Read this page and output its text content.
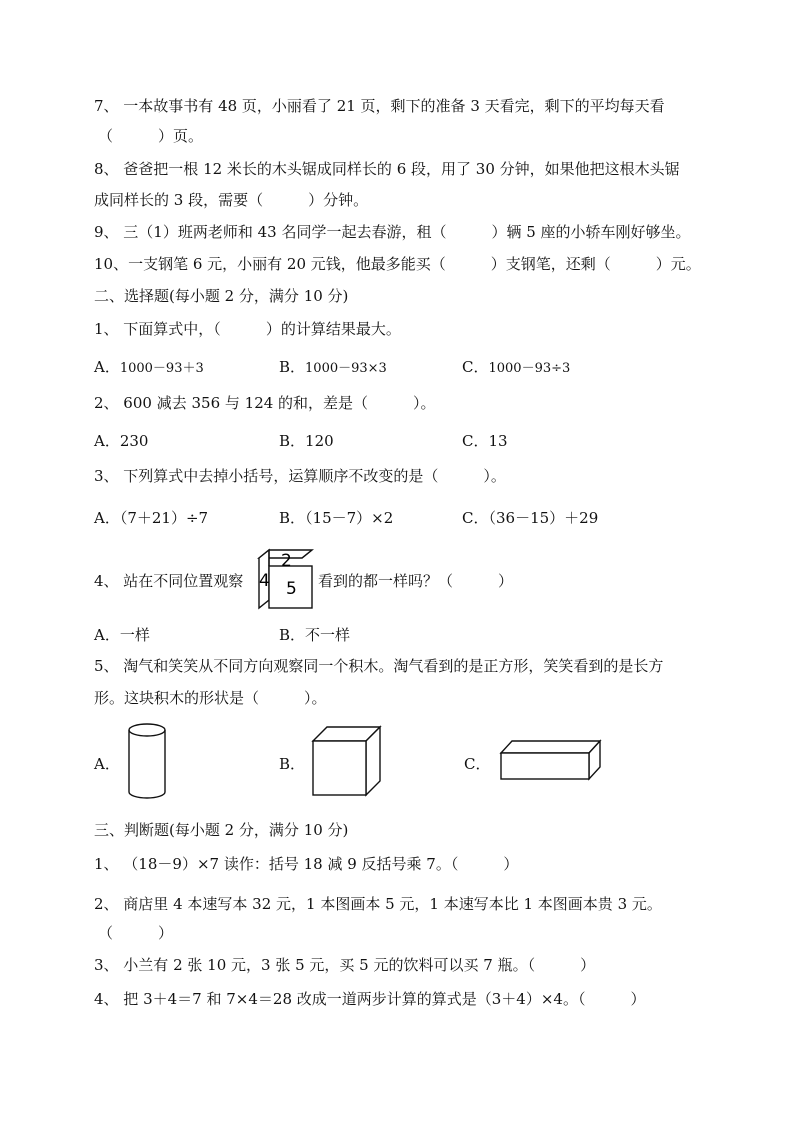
7、 一本故事书有 48 页，小丽看了 21 页，剩下的准备 3 天看完，剩下的平均每天看
（　　　）页。
8、 爸爸把一根 12 米长的木头锯成同样长的 6 段，用了 30 分钟，如果他把这根木头锯
成同样长的 3 段，需要（　　　）分钟。
9、 三（1）班两老师和 43 名同学一起去春游，租（　　　）辆 5 座的小轿车刚好够坐。
10、一支钢笔 6 元，小丽有 20 元钱，他最多能买（　　　）支钢笔，还剩（　　　）元。
二、选择题(每小题 2 分，满分 10 分)
1、 下面算式中，（　　　）的计算结果最大。
A．1000－93＋3	B．1000－93×3	C．1000－93÷3
2、 600 减去 356 与 124 的和，差是（　　　）。
A．230	B．120	C．13
3、 下列算式中去掉小括号，运算顺序不改变的是（　　　）。
A．（7＋21）÷7	B．（15－7）×2	C．（36－15）＋29
4、 站在不同位置观察
2
4 5 看到的都一样吗？（　　　）
A．一样	B．不一样
5、 淘气和笑笑从不同方向观察同一个积木。淘气看到的是正方形，笑笑看到的是长方
形。这块积木的形状是（　　　）。
A．	B．	C．
三、判断题(每小题 2 分，满分 10 分)
1、 （18－9）×7 读作：括号 18 减 9 反括号乘 7。（　　　）
2、 商店里 4 本速写本 32 元，1 本图画本 5 元，1 本速写本比 1 本图画本贵 3 元。
（　　　）
3、 小兰有 2 张 10 元，3 张 5 元，买 5 元的饮料可以买 7 瓶。（　　　）
4、 把 3＋4＝7 和 7×4＝28 改成一道两步计算的算式是（3＋4）×4。（　　　）
